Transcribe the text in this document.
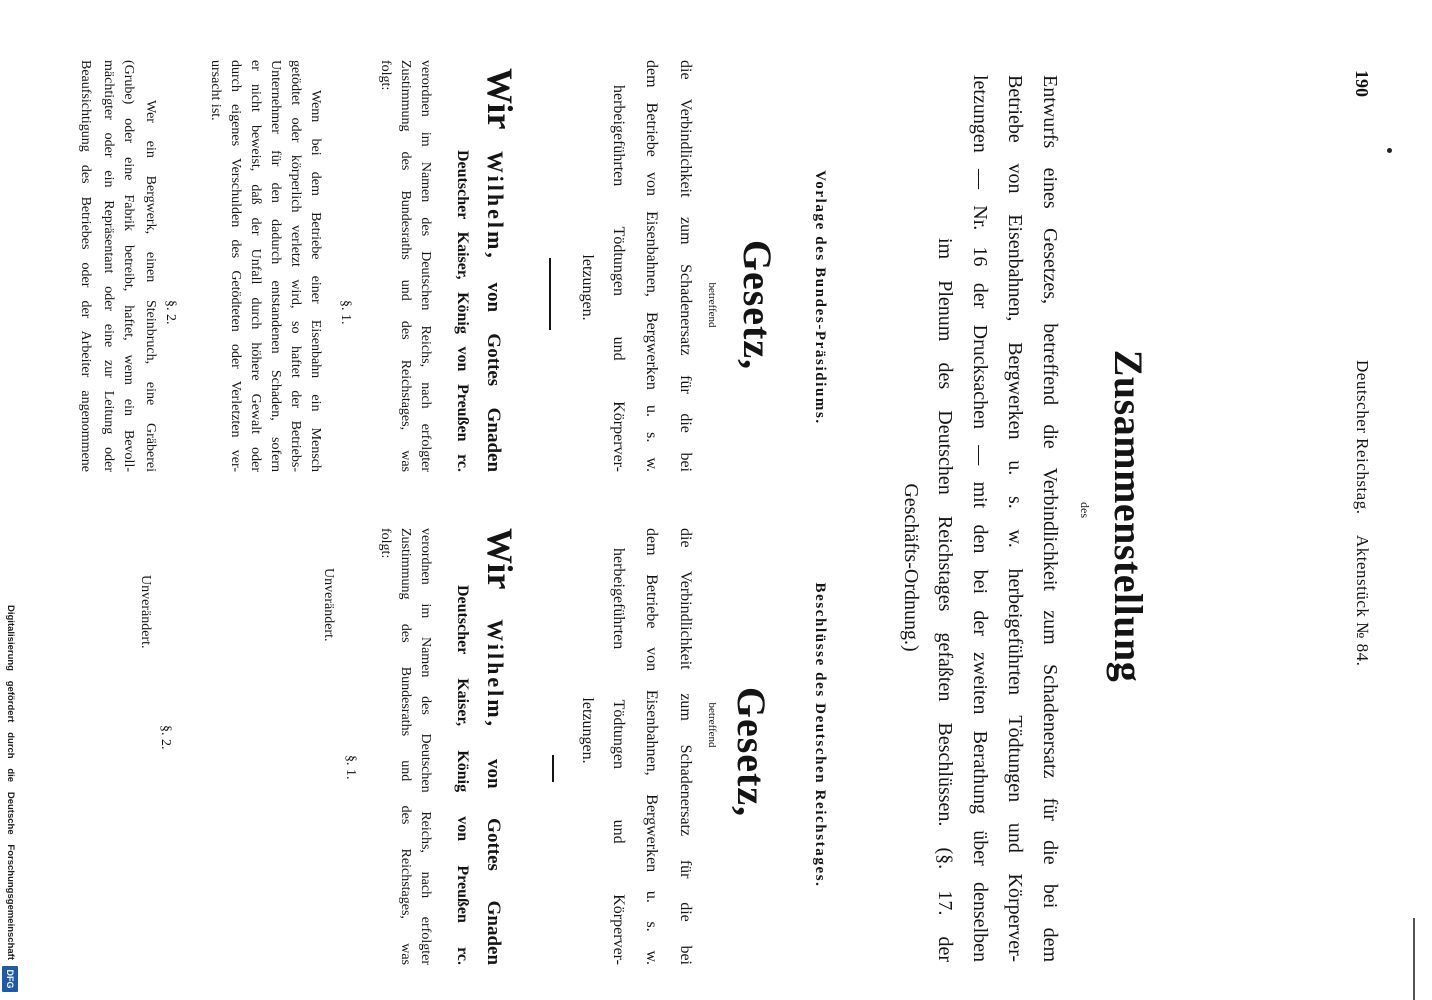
190
Deutscher Reichstag.
Aktenstück № 84.
Zusammenstellung
des
Entwurfs eines Gesetzes, betreffend die Verbindlichkeit zum Schadenersatz für die bei dem
Betriebe von Eisenbahnen, Bergwerken u. s. w. herbeigeführten Tödtungen und Körperver-
letzungen — Nr. 16 der Drucksachen — mit den bei der zweiten Berathung über denselben
im Plenum des Deutschen Reichstages gefaßten Beschlüssen. (§. 17. der
Geschäfts-Ordnung.)
Vorlage des Bundes-Präsidiums.
Gesetz,
betreffend
die Verbindlichkeit zum Schadenersatz für die bei
dem Betriebe von Eisenbahnen, Bergwerken u. s. w.
herbeigeführten Tödtungen und Körperver-
letzungen.
Wir Wilhelm, von Gottes Gnaden
Deutscher Kaiser, König von Preußen rc.
verordnen im Namen des Deutschen Reichs, nach erfolgter
Zustimmung des Bundesraths und des Reichstages, was
folgt:
§. 1.
Wenn bei dem Betriebe einer Eisenbahn ein Mensch
getödtet oder körperlich verletzt wird, so haftet der Betriebs-
Unternehmer für den dadurch entstandenen Schaden, sofern
er nicht beweist, daß der Unfall durch höhere Gewalt oder
durch eigenes Verschulden des Getödteten oder Verletzten ver-
ursacht ist.
§. 2.
Wer ein Bergwerk, einen Steinbruch, eine Gräberei
(Grube) oder eine Fabrik betreibt, haftet, wenn ein Bevoll-
mächtigter oder ein Repräsentant oder eine zur Leitung oder
Beaufsichtigung des Betriebes oder der Arbeiter angenommene
Beschlüsse des Deutschen Reichstages.
Gesetz,
betreffend
die Verbindlichkeit zum Schadenersatz für die bei
dem Betriebe von Eisenbahnen, Bergwerken u. s. w.
herbeigeführten Tödtungen und Körperver-
letzungen.
Wir Wilhelm, von Gottes Gnaden
Deutscher Kaiser, König von Preußen rc.
verordnen im Namen des Deutschen Reichs, nach erfolgter
Zustimmung des Bundesraths und des Reichstages, was
folgt:
§. 1.
Unverändert.
§. 2.
Unverändert.
Digitalisierung gefördert durch die Deutsche Forschungsgemeinschaft
DFG
